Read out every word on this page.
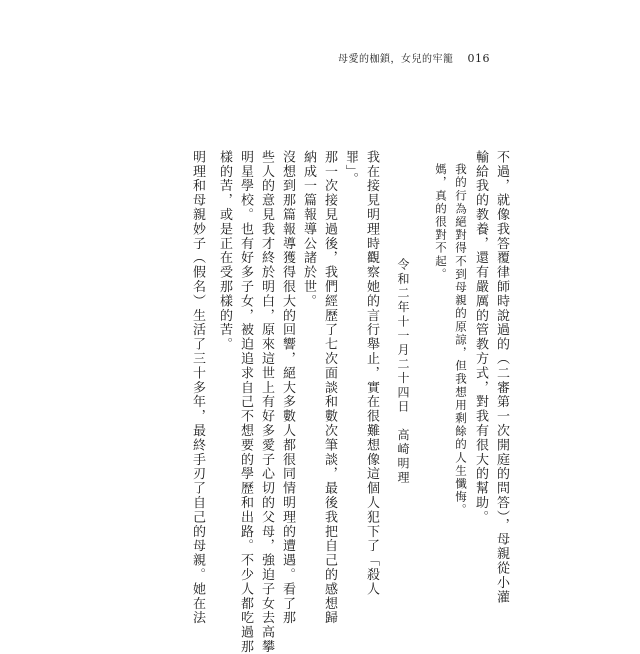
母愛的枷鎖，女兒的牢籠 016
不過，就像我答覆律師時說過的（二審第一次開庭的問答），母親從小灌
輸給我的教養，還有嚴厲的管教方式，對我有很大的幫助。
我的行為絕對得不到母親的原諒，但我想用剩餘的人生懺悔。
媽，真的很對不起。
令和二年十一月二十四日　高崎明理
我在接見明理時觀察她的言行舉止，實在很難想像這個人犯下了「殺人
罪」。
那一次接見過後，我們經歷了七次面談和數次筆談，最後我把自己的感想歸
納成一篇報導公諸於世。
沒想到那篇報導獲得很大的回響，絕大多數人都很同情明理的遭遇。看了那
些人的意見我才終於明白，原來這世上有好多愛子心切的父母，強迫子女去高攀
明星學校。也有好多子女，被迫追求自己不想要的學歷和出路。不少人都吃過那
樣的苦，或是正在受那樣的苦。
明理和母親妙子（假名）生活了三十多年，最終手刃了自己的母親。她在法
